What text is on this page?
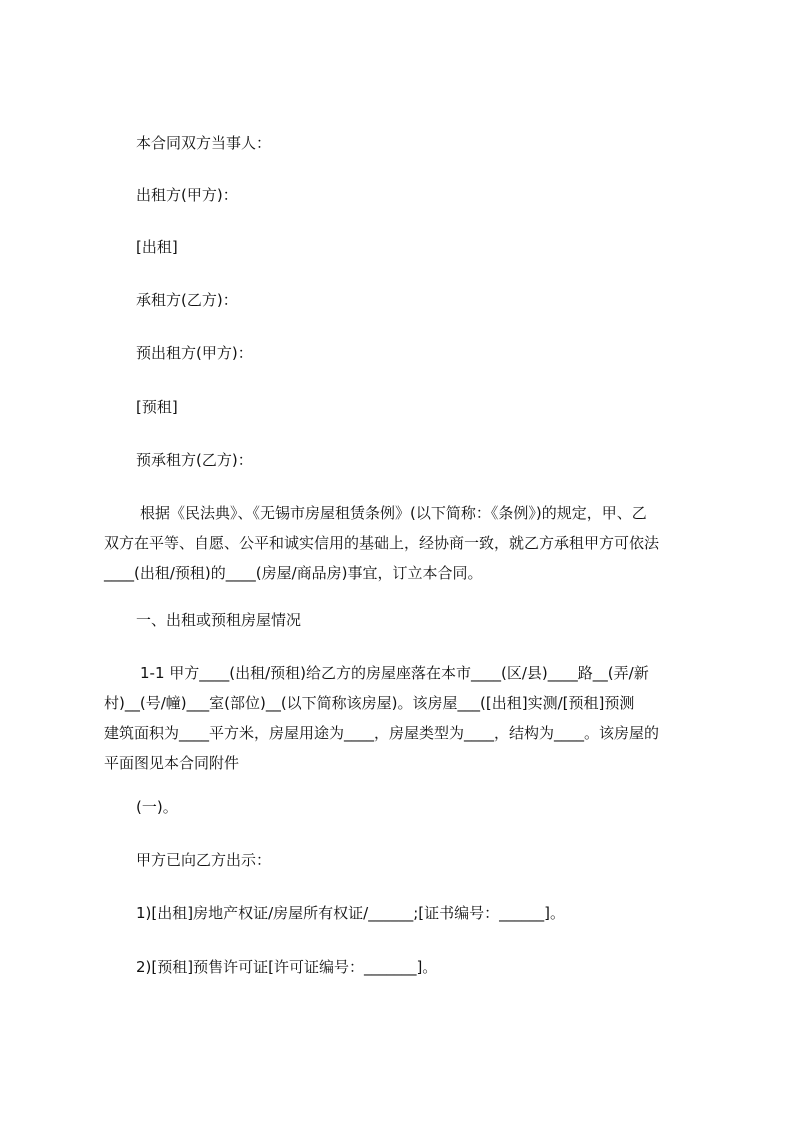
本合同双方当事人：
出租方(甲方)：
[出租]
承租方(乙方)：
预出租方(甲方)：
[预租]
预承租方(乙方)：
根据《民法典》、《无锡市房屋租赁条例》(以下简称：《条例》)的规定，甲、乙
双方在平等、自愿、公平和诚实信用的基础上，经协商一致，就乙方承租甲方可依法
____(出租/预租)的____(房屋/商品房)事宜，订立本合同。
一、出租或预租房屋情况
1-1 甲方____(出租/预租)给乙方的房屋座落在本市____(区/县)____路__(弄/新
村)__(号/幢)___室(部位)__(以下简称该房屋)。该房屋___([出租]实测/[预租]预测
建筑面积为____平方米，房屋用途为____，房屋类型为____，结构为____。该房屋的
平面图见本合同附件
(一)。
甲方已向乙方出示：
1)[出租]房地产权证/房屋所有权证/______;[证书编号：______]。
2)[预租]预售许可证[许可证编号：_______]。
